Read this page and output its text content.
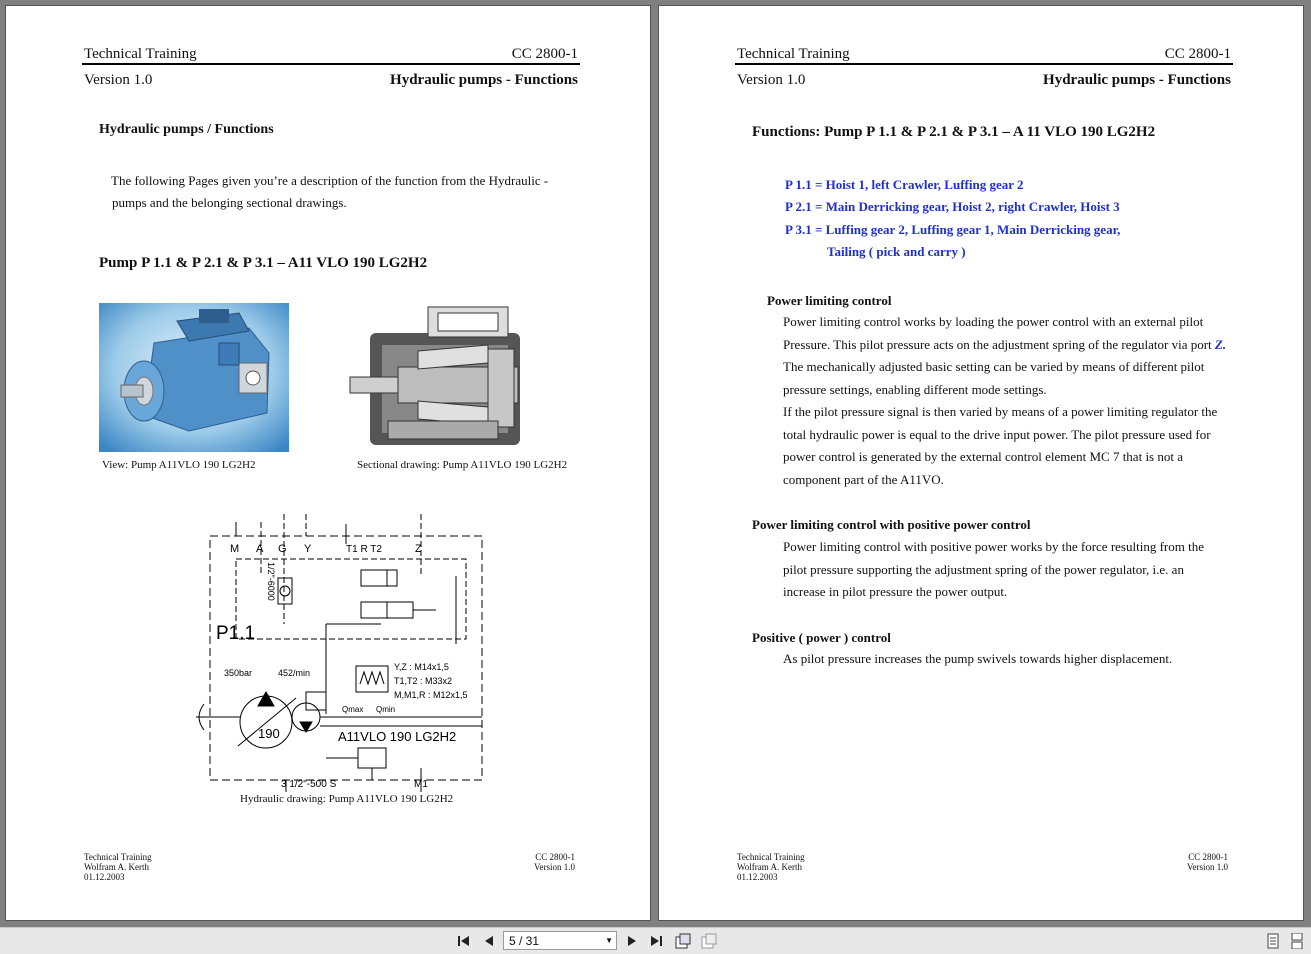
Technical Training	CC 2800-1
Version 1.0	Hydraulic pumps - Functions
Hydraulic pumps / Functions
The following Pages given you’re a description of the function from the Hydraulic -
pumps and the belonging sectional drawings.
Pump P 1.1 & P 2.1 & P 3.1 – A11 VLO 190 LG2H2
View: Pump A11VLO 190 LG2H2	Sectional drawing: Pump A11VLO 190 LG2H2
M A G Y	T1 R T2	Z
P1.1
350bar	452/min
190	A11VLO 190 LG2H2
Y,Z : M14x1,5
T1,T2 : M33x2
M,M1,R : M12x1,5
Qmax Qmin
3 1/2"-500 S	M1
1/2"-6000
Hydraulic drawing: Pump A11VLO 190 LG2H2
Technical Training
Wolfram A. Kerth
01.12.2003
CC 2800-1
Version 1.0
Technical Training	CC 2800-1
Version 1.0	Hydraulic pumps - Functions
Functions: Pump P 1.1 & P 2.1 & P 3.1 – A 11 VLO 190 LG2H2
P 1.1 = Hoist 1, left Crawler, Luffing gear 2
P 2.1 = Main Derricking gear, Hoist 2, right Crawler, Hoist 3
P 3.1 = Luffing gear 2, Luffing gear 1, Main Derricking gear,
Tailing ( pick and carry )
Power limiting control
Power limiting control works by loading the power control with an external pilot
Pressure. This pilot pressure acts on the adjustment spring of the regulator via port Z.
The mechanically adjusted basic setting can be varied by means of different pilot
pressure settings, enabling different mode settings.
If the pilot pressure signal is then varied by means of a power limiting regulator the
total hydraulic power is equal to the drive input power. The pilot pressure used for
power control is generated by the external control element MC 7 that is not a
component part of the A11VO.
Power limiting control with positive power control
Power limiting control with positive power works by the force resulting from the
pilot pressure supporting the adjustment spring of the power regulator, i.e. an
increase in pilot pressure the power output.
Positive ( power ) control
As pilot pressure increases the pump swivels towards higher displacement.
Technical Training
Wolfram A. Kerth
01.12.2003
CC 2800-1
Version 1.0
5 / 31	▼
